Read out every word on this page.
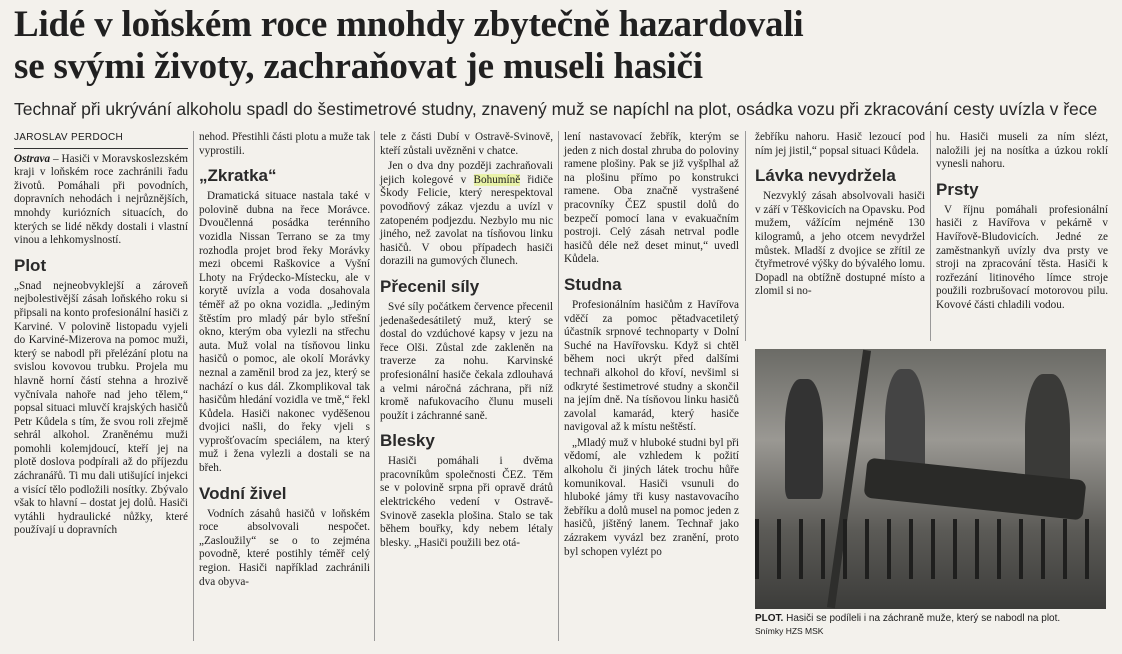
Lidé v loňském roce mnohdy zbytečně hazardovali
se svými životy, zachraňovat je museli hasiči
Technař při ukrývání alkoholu spadl do šestimetrové studny, znavený muž se napíchl na plot, osádka vozu při zkracování cesty uvízla v řece
JAROSLAV PERDOCH

Ostrava – Hasiči v Moravskoslezském kraji v loňském roce zachránili řadu životů. Pomáhali při povodních, dopravních nehodách i nejrůznějších, mnohdy kuriózních situacích, do kterých se lidé někdy dostali i vlastní vinou a lehkomyslností.

Plot

„Snad nejneobvyklejší a zároveň nejbolestivější zásah loňského roku si připsali na konto profesionální hasiči z Karviné. V polovině listopadu vyjeli do Karviné-Mizerova na pomoc muži, který se nabodl při přelézání plotu na svislou kovovou trubku. Projela mu hlavně horní částí stehna a hrozivě vyčnívala nahoře nad jeho tělem,“ popsal situaci mluvčí krajských hasičů Petr Kůdela s tím, že svou roli zřejmě sehrál alkohol. Zraněnému muži pomohli kolemjdoucí, kteří jej na plotě doslova podpírali až do příjezdu záchranářů. Ti mu dali utišující injekci a visící tělo podložili nosítky. Zbývalo však to hlavní – dostat jej dolů. Hasiči vytáhli hydraulické nůžky, které používají u dopravních

nehod. Přestihli části plotu a muže tak vyprostili.

„Zkratka“

Dramatická situace nastala také v polovině dubna na řece Morávce. Dvoučlenná posádka terénního vozidla Nissan Terrano se za tmy rozhodla projet brod řeky Morávky mezi obcemi Raškovice a Vyšní Lhoty na Frýdecko-Místecku, ale v korytě uvízla a voda dosahovala téměř až po okna vozidla. „Jediným štěstím pro mladý pár bylo střešní okno, kterým oba vylezli na střechu auta. Muž volal na tísňovou linku hasičů o pomoc, ale okolí Morávky neznal a zaměnil brod za jez, který se nachází o kus dál. Zkomplikoval tak hasičům hledání vozidla ve tmě,“ řekl Kůdela. Hasiči nakonec vyděšenou dvojici našli, do řeky vjeli s vyprošťovacím speciálem, na který muž i žena vylezli a dostali se na břeh.

Vodní živel

Vodních zásahů hasičů v loňském roce absolvovali nespočet. „Zasloužily“ se o to zejména povodně, které postihly téměř celý region. Hasiči například zachránili dva obyva-

tele z části Dubí v Ostravě-Svinově, kteří zůstali uvězněni v chatce.

Jen o dva dny později zachraňovali jejich kolegové v Bohumíně řidiče Škody Felicie, který nerespektoval povodňový zákaz vjezdu a uvízl v zatopeném podjezdu. Nezbylo mu nic jiného, než zavolat na tísňovou linku hasičů. V obou případech hasiči dorazili na gumových člunech.

Přecenil síly

Své síly počátkem července přecenil jedenašedesátiletý muž, který se dostal do vzdúchové kapsy v jezu na řece Olši. Zůstal zde zakleněn na traverze za nohu. Karvinské profesionální hasiče čekala zdlouhavá a velmi náročná záchrana, při níž kromě nafukovacího člunu museli použít i záchranné saně.

Blesky

Hasiči pomáhali i dvěma pracovníkům společnosti ČEZ. Těm se v polovině srpna při opravě drátů elektrického vedení v Ostravě-Svinově zasekla plošina. Stalo se tak během bouřky, kdy nebem létaly blesky. „Hasiči použili bez otá-

lení nastavovací žebřík, kterým se jeden z nich dostal zhruba do poloviny ramene plošiny. Pak se již vyšplhal až na plošinu přímo po konstrukci ramene. Oba značně vystrašené pracovníky ČEZ spustil dolů do bezpečí pomocí lana v evakuačním postroji. Celý zásah netrval podle hasičů déle než deset minut,“ uvedl Kůdela.

Studna

Profesionálním hasičům z Havířova vděčí za pomoc pětadvacetiletý účastník srpnové technoparty v Dolní Suché na Havířovsku. Když si chtěl během noci ukrýt před dalšími technaři alkohol do křoví, nevšiml si odkryté šestimetrové studny a skončil na jejím dně. Na tísňovou linku hasičů zavolal kamarád, který hasiče navigoval až k místu neštěstí.

„Mladý muž v hluboké studni byl při vědomí, ale vzhledem k požití alkoholu či jiných látek trochu hůře komunikoval. Hasiči vsunuli do hluboké jámy tři kusy nastavovacího žebříku a dolů musel na pomoc jeden z hasičů, jištěný lanem. Technař jako zázrakem vyvázl bez zranění, proto byl schopen vylézt po

žebříku nahoru. Hasič lezoucí pod ním jej jistil,“ popsal situaci Kůdela.

Lávka nevydržela

Nezvyklý zásah absolvovali hasiči v září v Těškovicích na Opavsku. Pod mužem, vážícím nejméně 130 kilogramů, a jeho otcem nevydržel můstek. Mladší z dvojice se zřítil ze čtyřmetrové výšky do bývalého lomu. Dopadl na obtížně dostupné místo a zlomil si no-

hu. Hasiči museli za ním slézt, naložili jej na nosítka a úzkou roklí vynesli nahoru.

Prsty

V říjnu pomáhali profesionální hasiči z Havířova v pekárně v Havířově-Bludovicích. Jedné ze zaměstnankyň uvízly dva prsty ve stroji na zpracování těsta. Hasiči k rozřezání litinového límce stroje použili rozbrušovací motorovou pilu. Kovové části chladili vodou.

PLOT. Hasiči se podíleli i na záchraně muže, který se nabodl na plot.
Snímky HZS MSK
